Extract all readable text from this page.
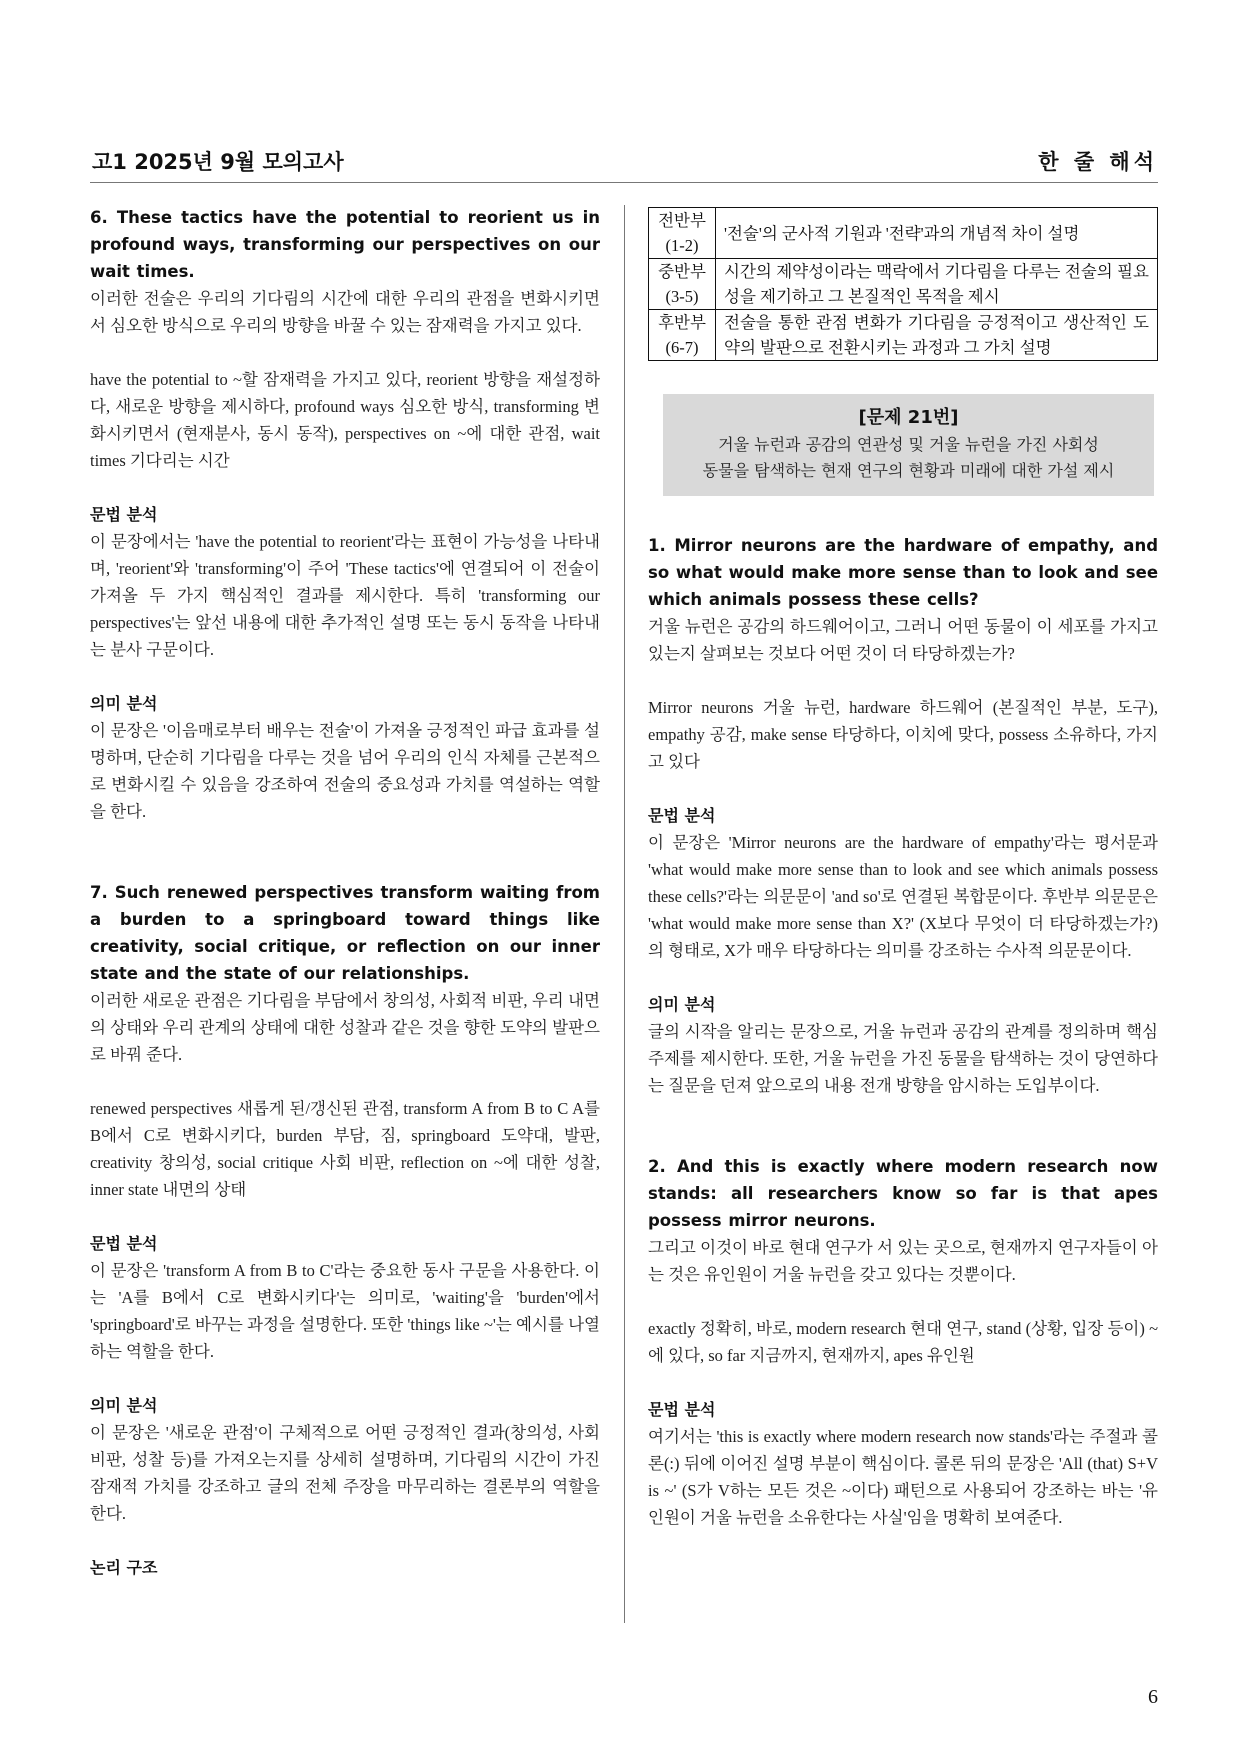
고1 2025년 9월 모의고사	한 줄 해석

6. These tactics have the potential to reorient us in profound ways, transforming our perspectives on our wait times.

이러한 전술은 우리의 기다림의 시간에 대한 우리의 관점을 변화시키면서 심오한 방식으로 우리의 방향을 바꿀 수 있는 잠재력을 가지고 있다.

have the potential to ~할 잠재력을 가지고 있다, reorient 방향을 재설정하다, 새로운 방향을 제시하다, profound ways 심오한 방식, transforming 변화시키면서 (현재분사, 동시 동작), perspectives on ~에 대한 관점, wait times 기다리는 시간

문법 분석

이 문장에서는 'have the potential to reorient'라는 표현이 가능성을 나타내며, 'reorient'와 'transforming'이 주어 'These tactics'에 연결되어 이 전술이 가져올 두 가지 핵심적인 결과를 제시한다. 특히 'transforming our perspectives'는 앞선 내용에 대한 추가적인 설명 또는 동시 동작을 나타내는 분사 구문이다.

의미 분석

이 문장은 '이음매로부터 배우는 전술'이 가져올 긍정적인 파급 효과를 설명하며, 단순히 기다림을 다루는 것을 넘어 우리의 인식 자체를 근본적으로 변화시킬 수 있음을 강조하여 전술의 중요성과 가치를 역설하는 역할을 한다.

7. Such renewed perspectives transform waiting from a burden to a springboard toward things like creativity, social critique, or reflection on our inner state and the state of our relationships.

이러한 새로운 관점은 기다림을 부담에서 창의성, 사회적 비판, 우리 내면의 상태와 우리 관계의 상태에 대한 성찰과 같은 것을 향한 도약의 발판으로 바꿔 준다.

renewed perspectives 새롭게 된/갱신된 관점, transform A from B to C A를 B에서 C로 변화시키다, burden 부담, 짐, springboard 도약대, 발판, creativity 창의성, social critique 사회 비판, reflection on ~에 대한 성찰, inner state 내면의 상태

문법 분석

이 문장은 'transform A from B to C'라는 중요한 동사 구문을 사용한다. 이는 'A를 B에서 C로 변화시키다'는 의미로, 'waiting'을 'burden'에서 'springboard'로 바꾸는 과정을 설명한다. 또한 'things like ~'는 예시를 나열하는 역할을 한다.

의미 분석

이 문장은 '새로운 관점'이 구체적으로 어떤 긍정적인 결과(창의성, 사회 비판, 성찰 등)를 가져오는지를 상세히 설명하며, 기다림의 시간이 가진 잠재적 가치를 강조하고 글의 전체 주장을 마무리하는 결론부의 역할을 한다.

논리 구조

전반부
(1-2)	'전술'의 군사적 기원과 '전략'과의 개념적 차이 설명
중반부
(3-5)	시간의 제약성이라는 맥락에서 기다림을 다루는 전술의 필요성을 제기하고 그 본질적인 목적을 제시
후반부
(6-7)	전술을 통한 관점 변화가 기다림을 긍정적이고 생산적인 도약의 발판으로 전환시키는 과정과 그 가치 설명
[문제 21번]
거울 뉴런과 공감의 연관성 및 거울 뉴런을 가진 사회성
동물을 탐색하는 현재 연구의 현황과 미래에 대한 가설 제시

1. Mirror neurons are the hardware of empathy, and so what would make more sense than to look and see which animals possess these cells?

거울 뉴런은 공감의 하드웨어이고, 그러니 어떤 동물이 이 세포를 가지고 있는지 살펴보는 것보다 어떤 것이 더 타당하겠는가?

Mirror neurons 거울 뉴런, hardware 하드웨어 (본질적인 부분, 도구), empathy 공감, make sense 타당하다, 이치에 맞다, possess 소유하다, 가지고 있다

문법 분석

이 문장은 'Mirror neurons are the hardware of empathy'라는 평서문과 'what would make more sense than to look and see which animals possess these cells?'라는 의문문이 'and so'로 연결된 복합문이다. 후반부 의문문은 'what would make more sense than X?' (X보다 무엇이 더 타당하겠는가?)의 형태로, X가 매우 타당하다는 의미를 강조하는 수사적 의문문이다.

의미 분석

글의 시작을 알리는 문장으로, 거울 뉴런과 공감의 관계를 정의하며 핵심 주제를 제시한다. 또한, 거울 뉴런을 가진 동물을 탐색하는 것이 당연하다는 질문을 던져 앞으로의 내용 전개 방향을 암시하는 도입부이다.

2. And this is exactly where modern research now stands: all researchers know so far is that apes possess mirror neurons.

그리고 이것이 바로 현대 연구가 서 있는 곳으로, 현재까지 연구자들이 아는 것은 유인원이 거울 뉴런을 갖고 있다는 것뿐이다.

exactly 정확히, 바로, modern research 현대 연구, stand (상황, 입장 등이) ~에 있다, so far 지금까지, 현재까지, apes 유인원

문법 분석

여기서는 'this is exactly where modern research now stands'라는 주절과 콜론(:) 뒤에 이어진 설명 부분이 핵심이다. 콜론 뒤의 문장은 'All (that) S+V is ~' (S가 V하는 모든 것은 ~이다) 패턴으로 사용되어 강조하는 바는 '유인원이 거울 뉴런을 소유한다는 사실'임을 명확히 보여준다.

6
